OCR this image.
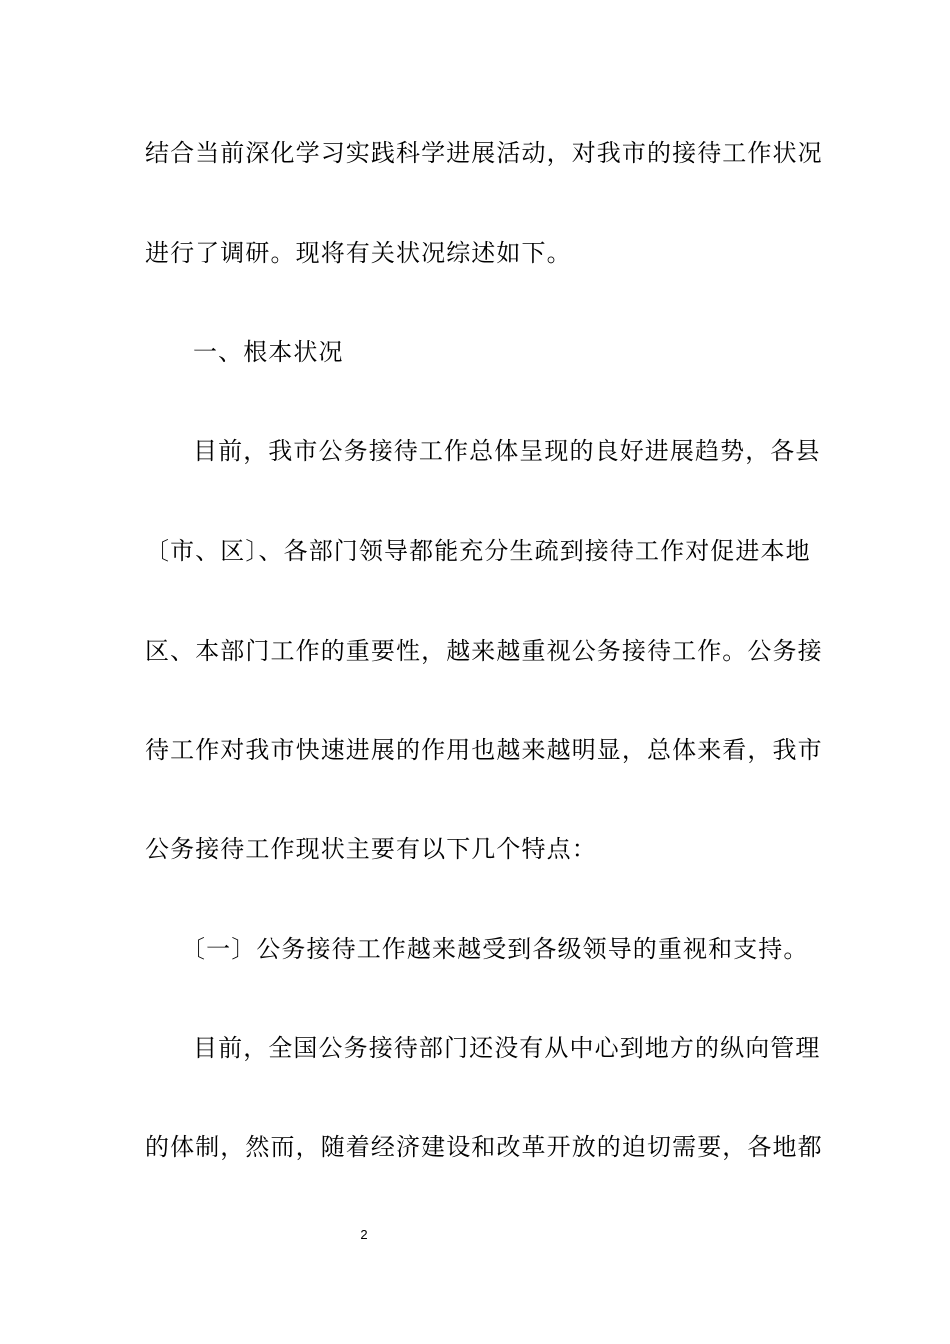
结合当前深化学习实践科学进展活动，对我市的接待工作状况
进行了调研。现将有关状况综述如下。
一、根本状况
目前，我市公务接待工作总体呈现的良好进展趋势，各县
〔市、区〕、各部门领导都能充分生疏到接待工作对促进本地
区、本部门工作的重要性，越来越重视公务接待工作。公务接
待工作对我市快速进展的作用也越来越明显，总体来看，我市
公务接待工作现状主要有以下几个特点：
〔一〕公务接待工作越来越受到各级领导的重视和支持。
目前，全国公务接待部门还没有从中心到地方的纵向管理
的体制，然而，随着经济建设和改革开放的迫切需要，各地都
2
